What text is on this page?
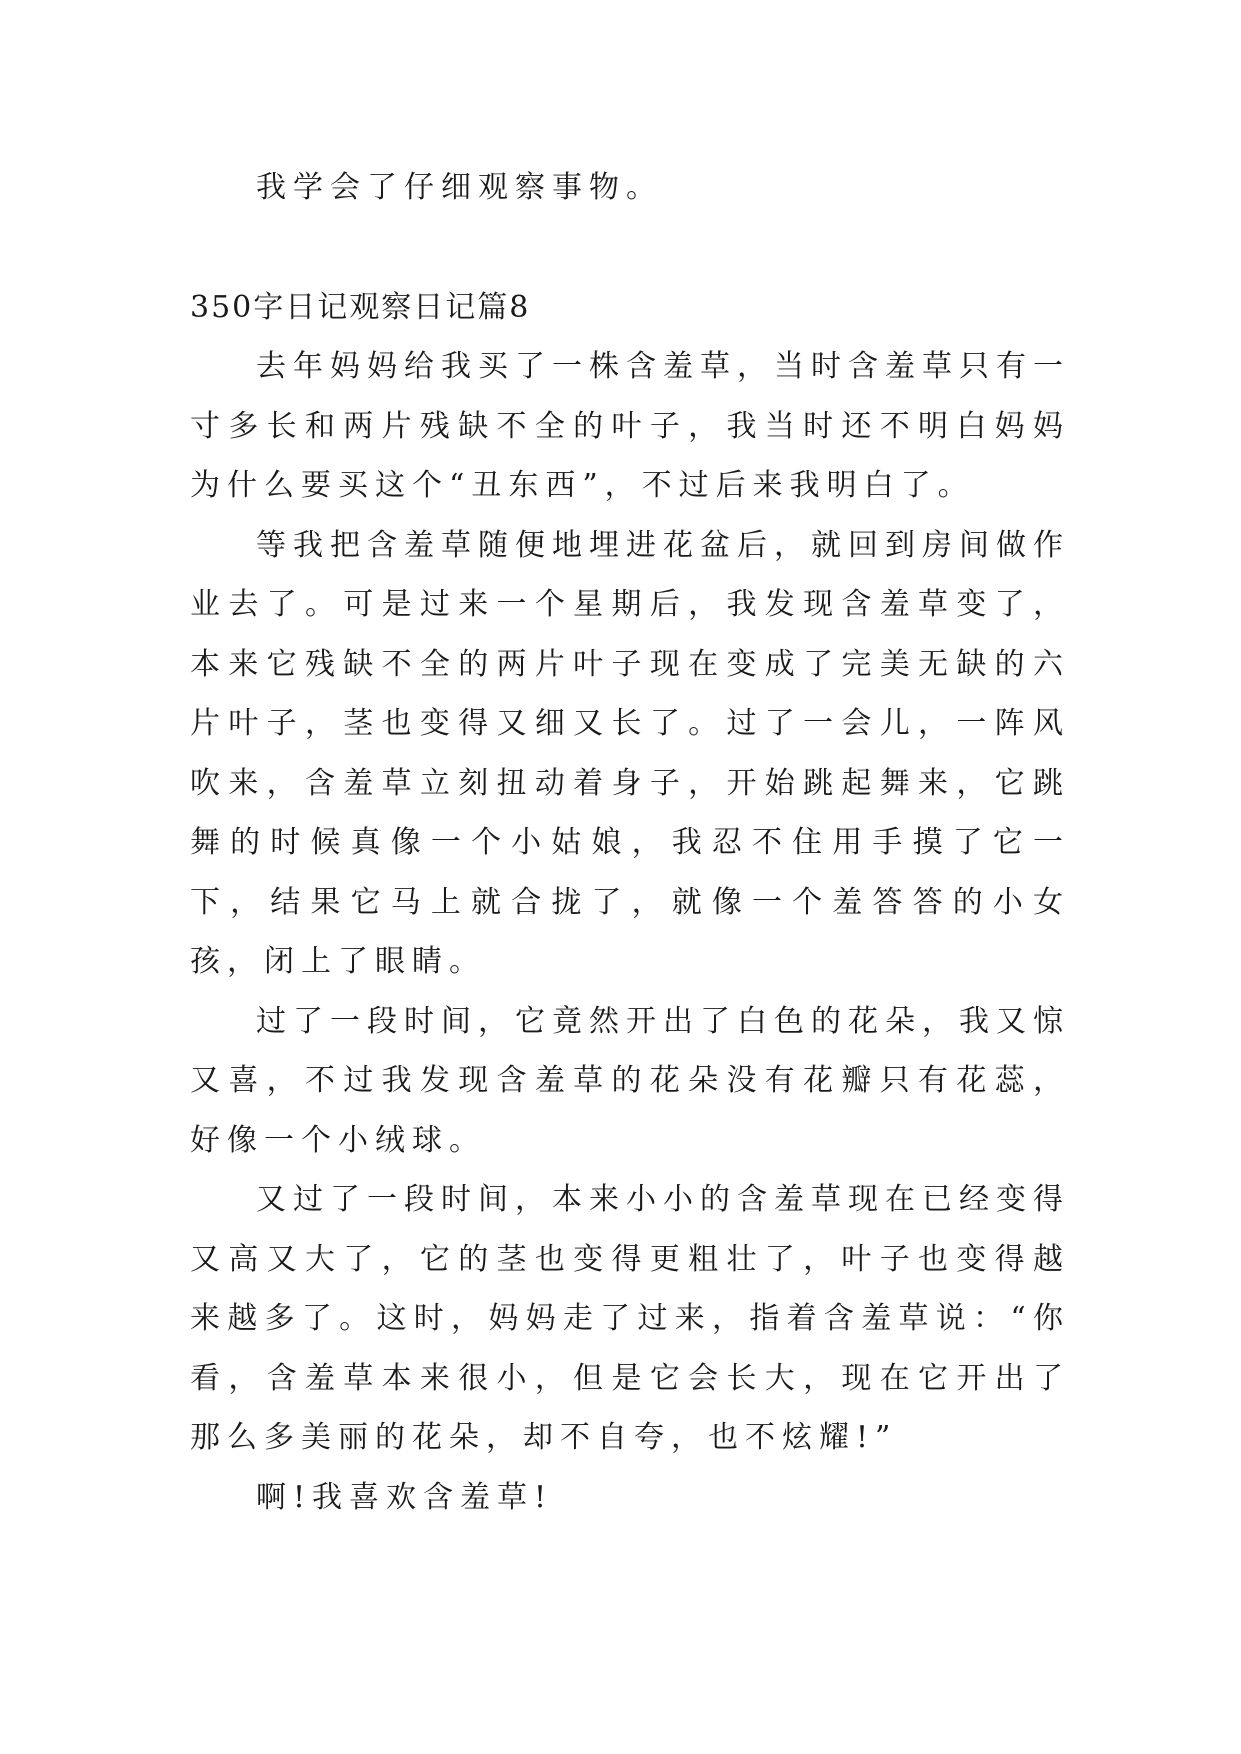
我学会了仔细观察事物。

350字日记观察日记篇8

去年妈妈给我买了一株含羞草，当时含羞草只有一寸多长和两片残缺不全的叶子，我当时还不明白妈妈为什么要买这个“丑东西”，不过后来我明白了。

等我把含羞草随便地埋进花盆后，就回到房间做作业去了。可是过来一个星期后，我发现含羞草变了，本来它残缺不全的两片叶子现在变成了完美无缺的六片叶子，茎也变得又细又长了。过了一会儿，一阵风吹来，含羞草立刻扭动着身子，开始跳起舞来，它跳舞的时候真像一个小姑娘，我忍不住用手摸了它一下，结果它马上就合拢了，就像一个羞答答的小女孩，闭上了眼睛。

过了一段时间，它竟然开出了白色的花朵，我又惊又喜，不过我发现含羞草的花朵没有花瓣只有花蕊，好像一个小绒球。

又过了一段时间，本来小小的含羞草现在已经变得又高又大了，它的茎也变得更粗壮了，叶子也变得越来越多了。这时，妈妈走了过来，指着含羞草说：“你看，含羞草本来很小，但是它会长大，现在它开出了那么多美丽的花朵，却不自夸，也不炫耀!”

啊!我喜欢含羞草!
